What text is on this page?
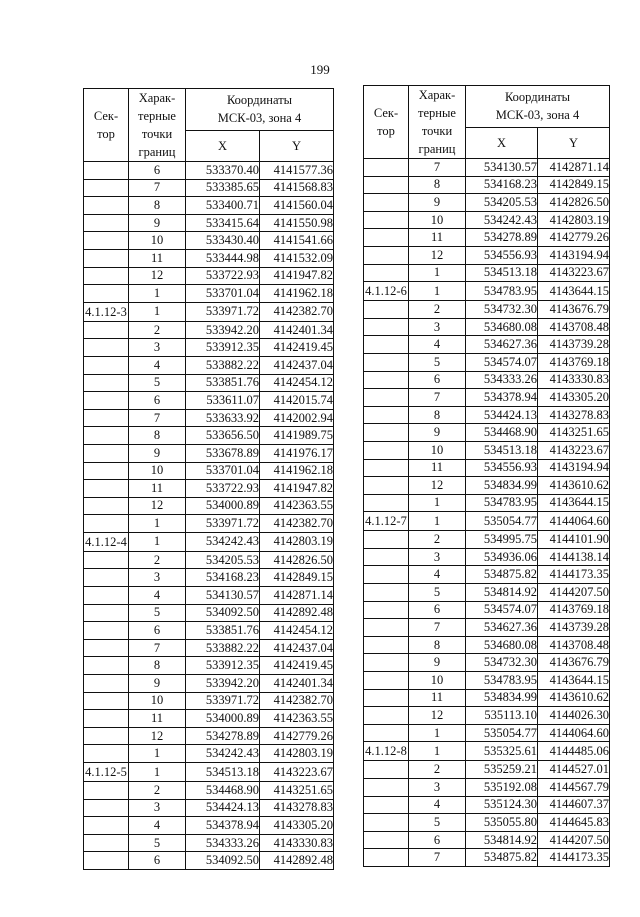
199
Сек-
тор	Харак-
терные
точки
границ	Координаты
МСК-03, зона 4	
		X	Y
	6	533370.40	4141577.36
	7	533385.65	4141568.83
	8	533400.71	4141560.04
	9	533415.64	4141550.98
	10	533430.40	4141541.66
	11	533444.98	4141532.09
	12	533722.93	4141947.82
	1	533701.04	4141962.18
4.1.12-3	1	533971.72	4142382.70
	2	533942.20	4142401.34
	3	533912.35	4142419.45
	4	533882.22	4142437.04
	5	533851.76	4142454.12
	6	533611.07	4142015.74
	7	533633.92	4142002.94
	8	533656.50	4141989.75
	9	533678.89	4141976.17
	10	533701.04	4141962.18
	11	533722.93	4141947.82
	12	534000.89	4142363.55
	1	533971.72	4142382.70
4.1.12-4	1	534242.43	4142803.19
	2	534205.53	4142826.50
	3	534168.23	4142849.15
	4	534130.57	4142871.14
	5	534092.50	4142892.48
	6	533851.76	4142454.12
	7	533882.22	4142437.04
	8	533912.35	4142419.45
	9	533942.20	4142401.34
	10	533971.72	4142382.70
	11	534000.89	4142363.55
	12	534278.89	4142779.26
	1	534242.43	4142803.19
4.1.12-5	1	534513.18	4143223.67
	2	534468.90	4143251.65
	3	534424.13	4143278.83
	4	534378.94	4143305.20
	5	534333.26	4143330.83
	6	534092.50	4142892.48
Сек-
тор	Харак-
терные
точки
границ	Координаты
МСК-03, зона 4	
		X	Y
	7	534130.57	4142871.14
	8	534168.23	4142849.15
	9	534205.53	4142826.50
	10	534242.43	4142803.19
	11	534278.89	4142779.26
	12	534556.93	4143194.94
	1	534513.18	4143223.67
4.1.12-6	1	534783.95	4143644.15
	2	534732.30	4143676.79
	3	534680.08	4143708.48
	4	534627.36	4143739.28
	5	534574.07	4143769.18
	6	534333.26	4143330.83
	7	534378.94	4143305.20
	8	534424.13	4143278.83
	9	534468.90	4143251.65
	10	534513.18	4143223.67
	11	534556.93	4143194.94
	12	534834.99	4143610.62
	1	534783.95	4143644.15
4.1.12-7	1	535054.77	4144064.60
	2	534995.75	4144101.90
	3	534936.06	4144138.14
	4	534875.82	4144173.35
	5	534814.92	4144207.50
	6	534574.07	4143769.18
	7	534627.36	4143739.28
	8	534680.08	4143708.48
	9	534732.30	4143676.79
	10	534783.95	4143644.15
	11	534834.99	4143610.62
	12	535113.10	4144026.30
	1	535054.77	4144064.60
4.1.12-8	1	535325.61	4144485.06
	2	535259.21	4144527.01
	3	535192.08	4144567.79
	4	535124.30	4144607.37
	5	535055.80	4144645.83
	6	534814.92	4144207.50
	7	534875.82	4144173.35
